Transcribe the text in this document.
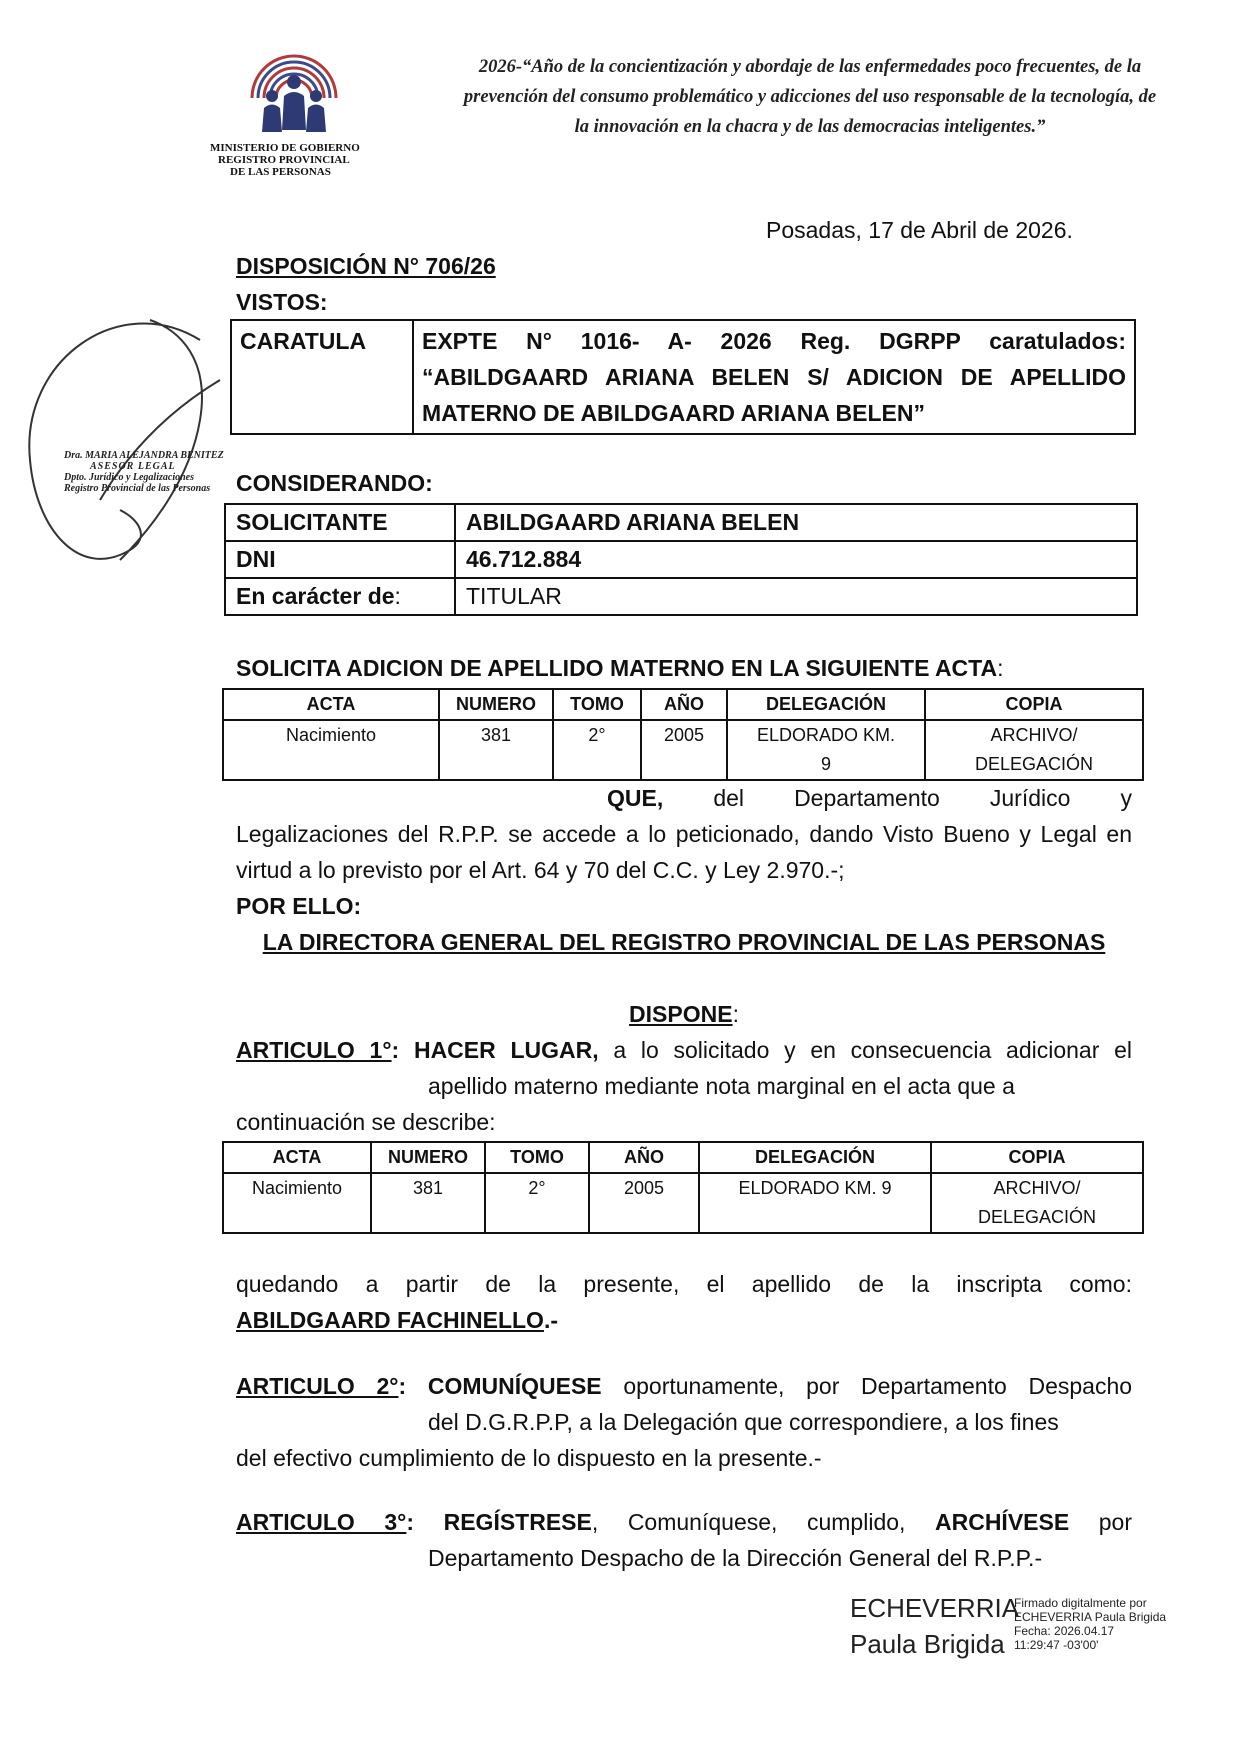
MINISTERIO DE GOBIERNO
REGISTRO PROVINCIAL
DE LAS PERSONAS
2026-“Año de la concientización y abordaje de las enfermedades poco frecuentes, de la
prevención del consumo problemático y adicciones del uso responsable de la tecnología, de
la innovación en la chacra y de las democracias inteligentes.”
Dra. MARIA ALEJANDRA BENITEZ
ASESOR LEGAL
Dpto. Jurídico y Legalizaciones
Registro Provincial de las Personas
Posadas, 17 de Abril de 2026.
DISPOSICIÓN N° 706/26
VISTOS:
CARATULA	EXPTE N° 1016- A- 2026 Reg. DGRPP caratulados: “ABILDGAARD ARIANA BELEN S/ ADICION DE APELLIDO MATERNO DE ABILDGAARD ARIANA BELEN”
CONSIDERANDO:
SOLICITANTE	ABILDGAARD ARIANA BELEN
DNI	46.712.884
En carácter de:	TITULAR
SOLICITA ADICION DE APELLIDO MATERNO EN LA SIGUIENTE ACTA:
ACTA	NUMERO	TOMO	AÑO	DELEGACIÓN	COPIA
Nacimiento	381	2°	2005	ELDORADO KM. 9	ARCHIVO/ DELEGACIÓN
QUE, del Departamento Jurídico y
Legalizaciones del R.P.P. se accede a lo peticionado, dando Visto Bueno y Legal en virtud a lo previsto por el Art. 64 y 70 del C.C. y Ley 2.970.-;
POR ELLO:
LA DIRECTORA GENERAL DEL REGISTRO PROVINCIAL DE LAS PERSONAS
DISPONE:
ARTICULO 1°: HACER LUGAR, a lo solicitado y en consecuencia adicionar el
apellido materno mediante nota marginal en el acta que a
continuación se describe:
ACTA	NUMERO	TOMO	AÑO	DELEGACIÓN	COPIA
Nacimiento	381	2°	2005	ELDORADO KM. 9	ARCHIVO/ DELEGACIÓN
quedando a partir de la presente, el apellido de la inscripta como:
ABILDGAARD FACHINELLO.-
ARTICULO 2°: COMUNÍQUESE oportunamente, por Departamento Despacho
del D.G.R.P.P, a la Delegación que correspondiere, a los fines
del efectivo cumplimiento de lo dispuesto en la presente.-
ARTICULO 3°: REGÍSTRESE, Comuníquese, cumplido, ARCHÍVESE por
Departamento Despacho de la Dirección General del R.P.P.-
ECHEVERRIA
Paula Brigida
Firmado digitalmente por
ECHEVERRIA Paula Brigida
Fecha: 2026.04.17
11:29:47 -03'00'
